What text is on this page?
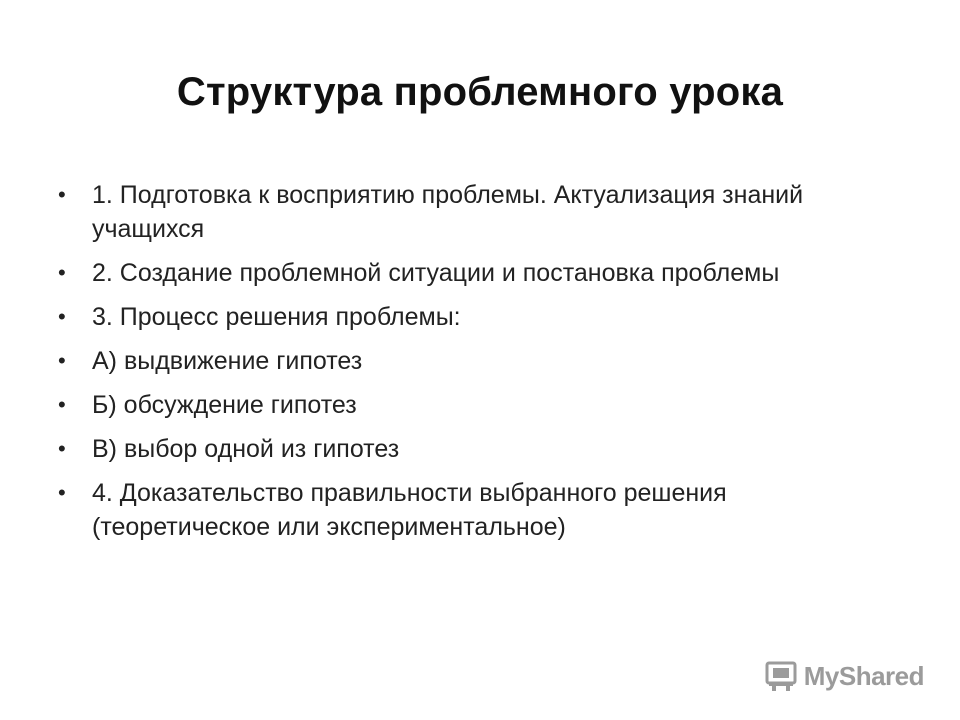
Структура проблемного урока
•	1. Подготовка к восприятию проблемы. Актуализация знаний учащихся
•	2. Создание проблемной ситуации и постановка проблемы
•	3. Процесс решения проблемы:
•	А) выдвижение гипотез
•	Б) обсуждение гипотез
•	В) выбор одной из гипотез
•	4. Доказательство правильности выбранного решения (теоретическое или экспериментальное)
MyShared
